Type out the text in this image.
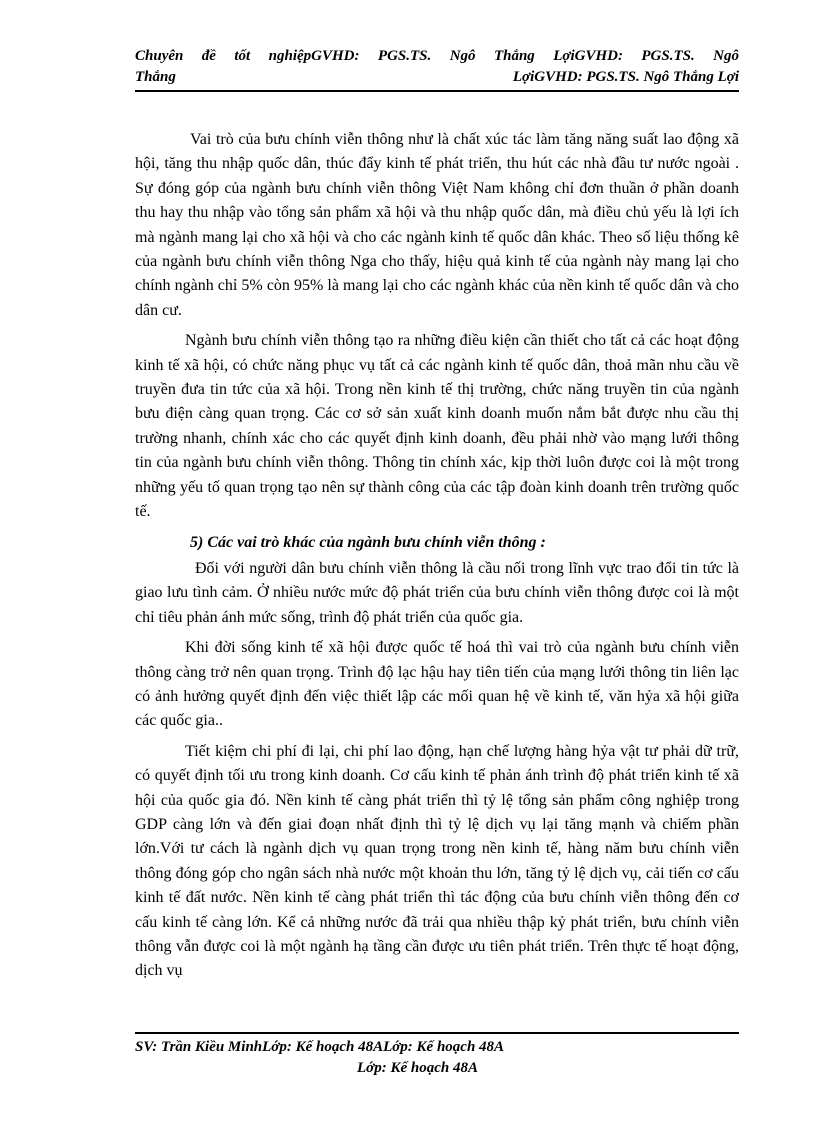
Chuyên đề tốt nghiệpGVHD: PGS.TS. Ngô Thắng LợiGVHD: PGS.TS. Ngô
Thắng Lợi GVHD: PGS.TS. Ngô Thắng Lợi

Vai trò của bưu chính viễn thông như là chất xúc tác làm tăng năng suất lao động xã hội, tăng thu nhập quốc dân, thúc đẩy kinh tế phát triển, thu hút các nhà đầu tư nước ngoài . Sự đóng góp của ngành bưu chính viễn thông Việt Nam không chỉ đơn thuần ở phần doanh thu hay thu nhập vào tổng sản phẩm xã hội và thu nhập quốc dân, mà điều chủ yếu là lợi ích mà ngành mang lại cho xã hội và cho các ngành kinh tế quốc dân khác. Theo số liệu thống kê của ngành bưu chính viễn thông Nga cho thấy, hiệu quả kinh tế của ngành này mang lại cho chính ngành chỉ 5% còn 95% là mang lại cho các ngành khác của nền kinh tế quốc dân và cho dân cư.

Ngành bưu chính viễn thông tạo ra những điều kiện cần thiết cho tất cả các hoạt động kinh tế xã hội, có chức năng phục vụ tất cả các ngành kinh tế quốc dân, thoả mãn nhu cầu về truyền đưa tin tức của xã hội. Trong nền kinh tế thị trường, chức năng truyền tin của ngành bưu điện càng quan trọng. Các cơ sở sản xuất kinh doanh muốn nắm bắt được nhu cầu thị trường nhanh, chính xác cho các quyết định kinh doanh, đều phải nhờ vào mạng lưới thông tin của ngành bưu chính viễn thông. Thông tin chính xác, kịp thời luôn được coi là một trong những yếu tố quan trọng tạo nên sự thành công của các tập đoàn kinh doanh trên trường quốc tế.

5) Các vai trò khác của ngành bưu chính viễn thông :

Đối với người dân bưu chính viễn thông là cầu nối trong lĩnh vực trao đổi tin tức là giao lưu tình cảm. Ở nhiều nước mức độ phát triển của bưu chính viễn thông được coi là một chỉ tiêu phản ánh mức sống, trình độ phát triển của quốc gia.

Khi đời sống kinh tế xã hội được quốc tế hoá thì vai trò của ngành bưu chính viễn thông càng trở nên quan trọng. Trình độ lạc hậu hay tiên tiến của mạng lưới thông tin liên lạc có ảnh hưởng quyết định đến việc thiết lập các mối quan hệ về kinh tế, văn hỷa xã hội giữa các quốc gia..

Tiết kiệm chi phí đi lại, chi phí lao động, hạn chế lượng hàng hỷa vật tư phải dữ trữ, có quyết định tối ưu trong kinh doanh. Cơ cấu kinh tế phản ánh trình độ phát triển kinh tế xã hội của quốc gia đó. Nền kinh tế càng phát triển thì tỷ lệ tổng sản phẩm công nghiệp trong GDP càng lớn và đến giai đoạn nhất định thì tỷ lệ dịch vụ lại tăng mạnh và chiếm phần lớn.Với tư cách là ngành dịch vụ quan trọng trong nền kinh tế, hàng năm bưu chính viễn thông đóng góp cho ngân sách nhà nước một khoản thu lớn, tăng tỷ lệ dịch vụ, cải tiến cơ cấu kinh tế đất nước. Nền kinh tế càng phát triển thì tác động của bưu chính viễn thông đến cơ cấu kinh tế càng lớn. Kể cả những nước đã trải qua nhiều thập kỷ phát triển, bưu chính viễn thông vẫn được coi là một ngành hạ tầng cần được ưu tiên phát triển. Trên thực tế hoạt động, dịch vụ

SV: Trần Kiều MinhLớp: Kế hoạch 48ALớp: Kế hoạch 48A
Lớp: Kế hoạch 48A
